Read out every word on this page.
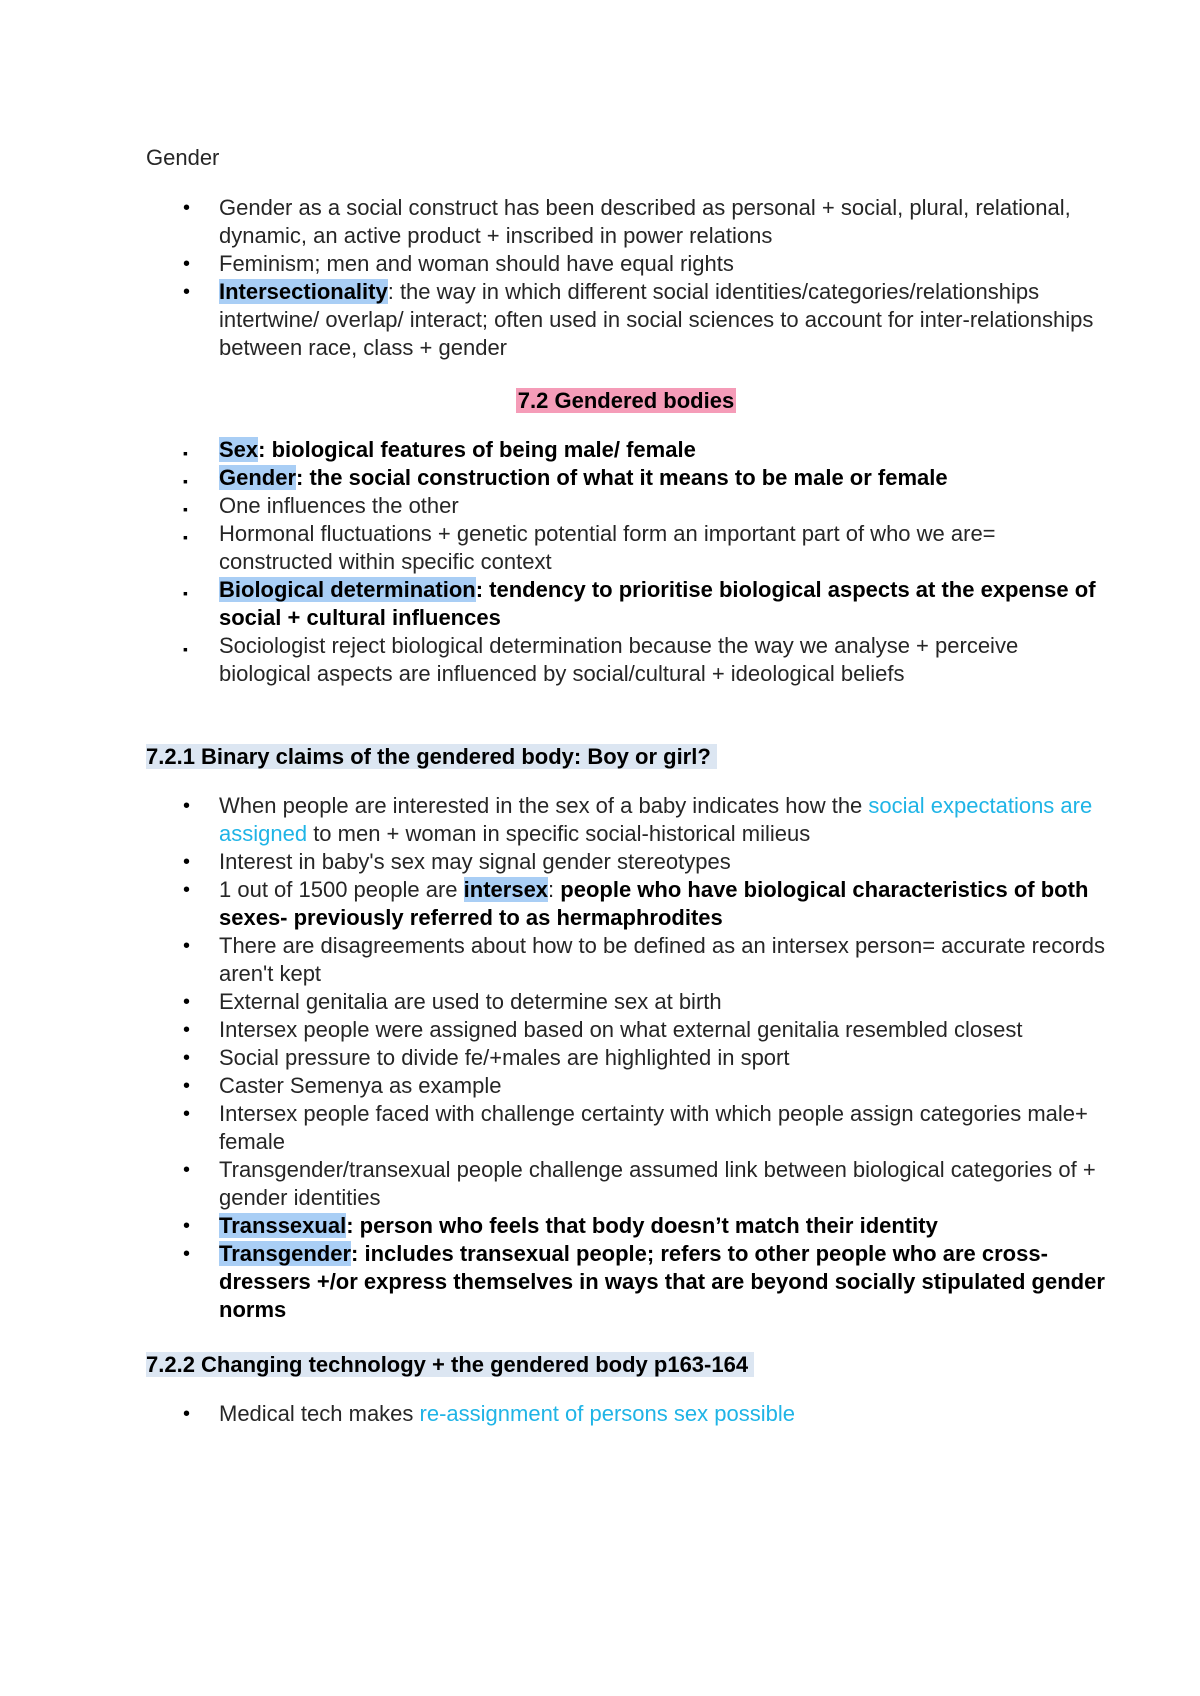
Gender
• Gender as a social construct has been described as personal + social, plural, relational, dynamic, an active product + inscribed in power relations
• Feminism; men and woman should have equal rights
• Intersectionality: the way in which different social identities/categories/relationships intertwine/ overlap/ interact; often used in social sciences to account for inter-relationships between race, class + gender
7.2 Gendered bodies
▪ Sex: biological features of being male/ female
▪ Gender: the social construction of what it means to be male or female
▪ One influences the other
▪ Hormonal fluctuations + genetic potential form an important part of who we are= constructed within specific context
▪ Biological determination: tendency to prioritise biological aspects at the expense of social + cultural influences
▪ Sociologist reject biological determination because the way we analyse + perceive biological aspects are influenced by social/cultural + ideological beliefs
7.2.1 Binary claims of the gendered body: Boy or girl?
• When people are interested in the sex of a baby indicates how the social expectations are assigned to men + woman in specific social-historical milieus
• Interest in baby's sex may signal gender stereotypes
• 1 out of 1500 people are intersex: people who have biological characteristics of both sexes- previously referred to as hermaphrodites
• There are disagreements about how to be defined as an intersex person= accurate records aren't kept
• External genitalia are used to determine sex at birth
• Intersex people were assigned based on what external genitalia resembled closest
• Social pressure to divide fe/+males are highlighted in sport
• Caster Semenya as example
• Intersex people faced with challenge certainty with which people assign categories male+ female
• Transgender/transexual people challenge assumed link between biological categories of + gender identities
• Transsexual: person who feels that body doesn’t match their identity
• Transgender: includes transexual people; refers to other people who are cross-dressers +/or express themselves in ways that are beyond socially stipulated gender norms
7.2.2 Changing technology + the gendered body p163-164
• Medical tech makes re-assignment of persons sex possible
